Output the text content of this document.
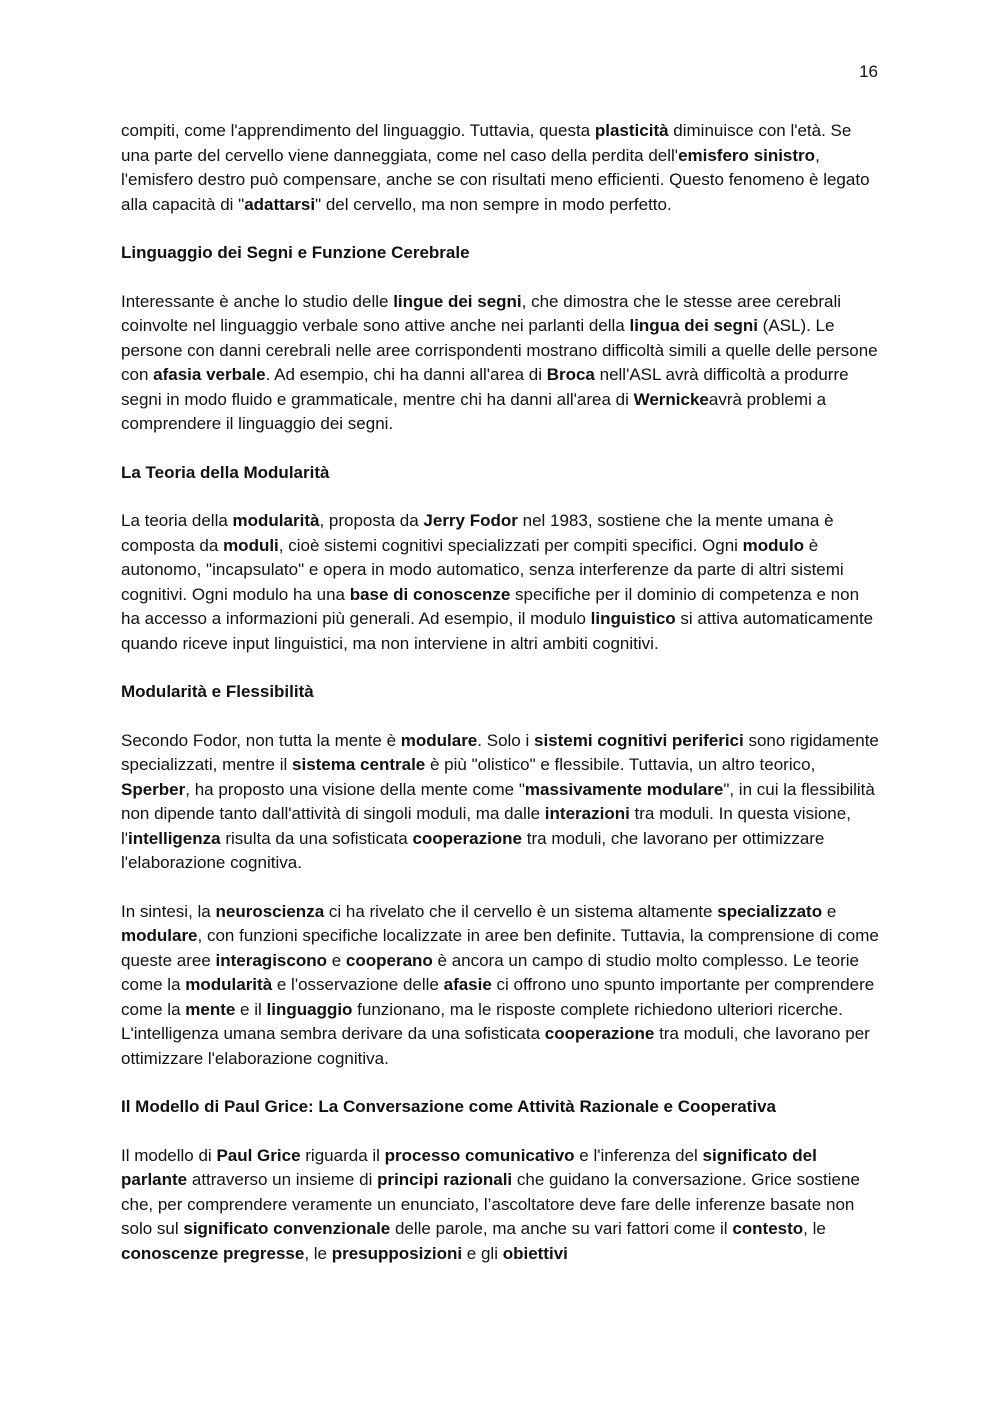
16

compiti, come l'apprendimento del linguaggio. Tuttavia, questa plasticità diminuisce con l'età. Se una parte del cervello viene danneggiata, come nel caso della perdita dell'emisfero sinistro, l'emisfero destro può compensare, anche se con risultati meno efficienti. Questo fenomeno è legato alla capacità di "adattarsi" del cervello, ma non sempre in modo perfetto.

Linguaggio dei Segni e Funzione Cerebrale

Interessante è anche lo studio delle lingue dei segni, che dimostra che le stesse aree cerebrali coinvolte nel linguaggio verbale sono attive anche nei parlanti della lingua dei segni (ASL). Le persone con danni cerebrali nelle aree corrispondenti mostrano difficoltà simili a quelle delle persone con afasia verbale. Ad esempio, chi ha danni all'area di Broca nell'ASL avrà difficoltà a produrre segni in modo fluido e grammaticale, mentre chi ha danni all'area di Wernickeavrà problemi a comprendere il linguaggio dei segni.

La Teoria della Modularità

La teoria della modularità, proposta da Jerry Fodor nel 1983, sostiene che la mente umana è composta da moduli, cioè sistemi cognitivi specializzati per compiti specifici. Ogni modulo è autonomo, "incapsulato" e opera in modo automatico, senza interferenze da parte di altri sistemi cognitivi. Ogni modulo ha una base di conoscenze specifiche per il dominio di competenza e non ha accesso a informazioni più generali. Ad esempio, il modulo linguistico si attiva automaticamente quando riceve input linguistici, ma non interviene in altri ambiti cognitivi.

Modularità e Flessibilità

Secondo Fodor, non tutta la mente è modulare. Solo i sistemi cognitivi periferici sono rigidamente specializzati, mentre il sistema centrale è più "olistico" e flessibile. Tuttavia, un altro teorico, Sperber, ha proposto una visione della mente come "massivamente modulare", in cui la flessibilità non dipende tanto dall'attività di singoli moduli, ma dalle interazioni tra moduli. In questa visione, l'intelligenza risulta da una sofisticata cooperazione tra moduli, che lavorano per ottimizzare l'elaborazione cognitiva.

In sintesi, la neuroscienza ci ha rivelato che il cervello è un sistema altamente specializzato e modulare, con funzioni specifiche localizzate in aree ben definite. Tuttavia, la comprensione di come queste aree interagiscono e cooperano è ancora un campo di studio molto complesso. Le teorie come la modularità e l'osservazione delle afasie ci offrono uno spunto importante per comprendere come la mente e il linguaggio funzionano, ma le risposte complete richiedono ulteriori ricerche. L'intelligenza umana sembra derivare da una sofisticata cooperazione tra moduli, che lavorano per ottimizzare l'elaborazione cognitiva.

Il Modello di Paul Grice: La Conversazione come Attività Razionale e Cooperativa

Il modello di Paul Grice riguarda il processo comunicativo e l'inferenza del significato del parlante attraverso un insieme di principi razionali che guidano la conversazione. Grice sostiene che, per comprendere veramente un enunciato, l’ascoltatore deve fare delle inferenze basate non solo sul significato convenzionale delle parole, ma anche su vari fattori come il contesto, le conoscenze pregresse, le presupposizioni e gli obiettivi
